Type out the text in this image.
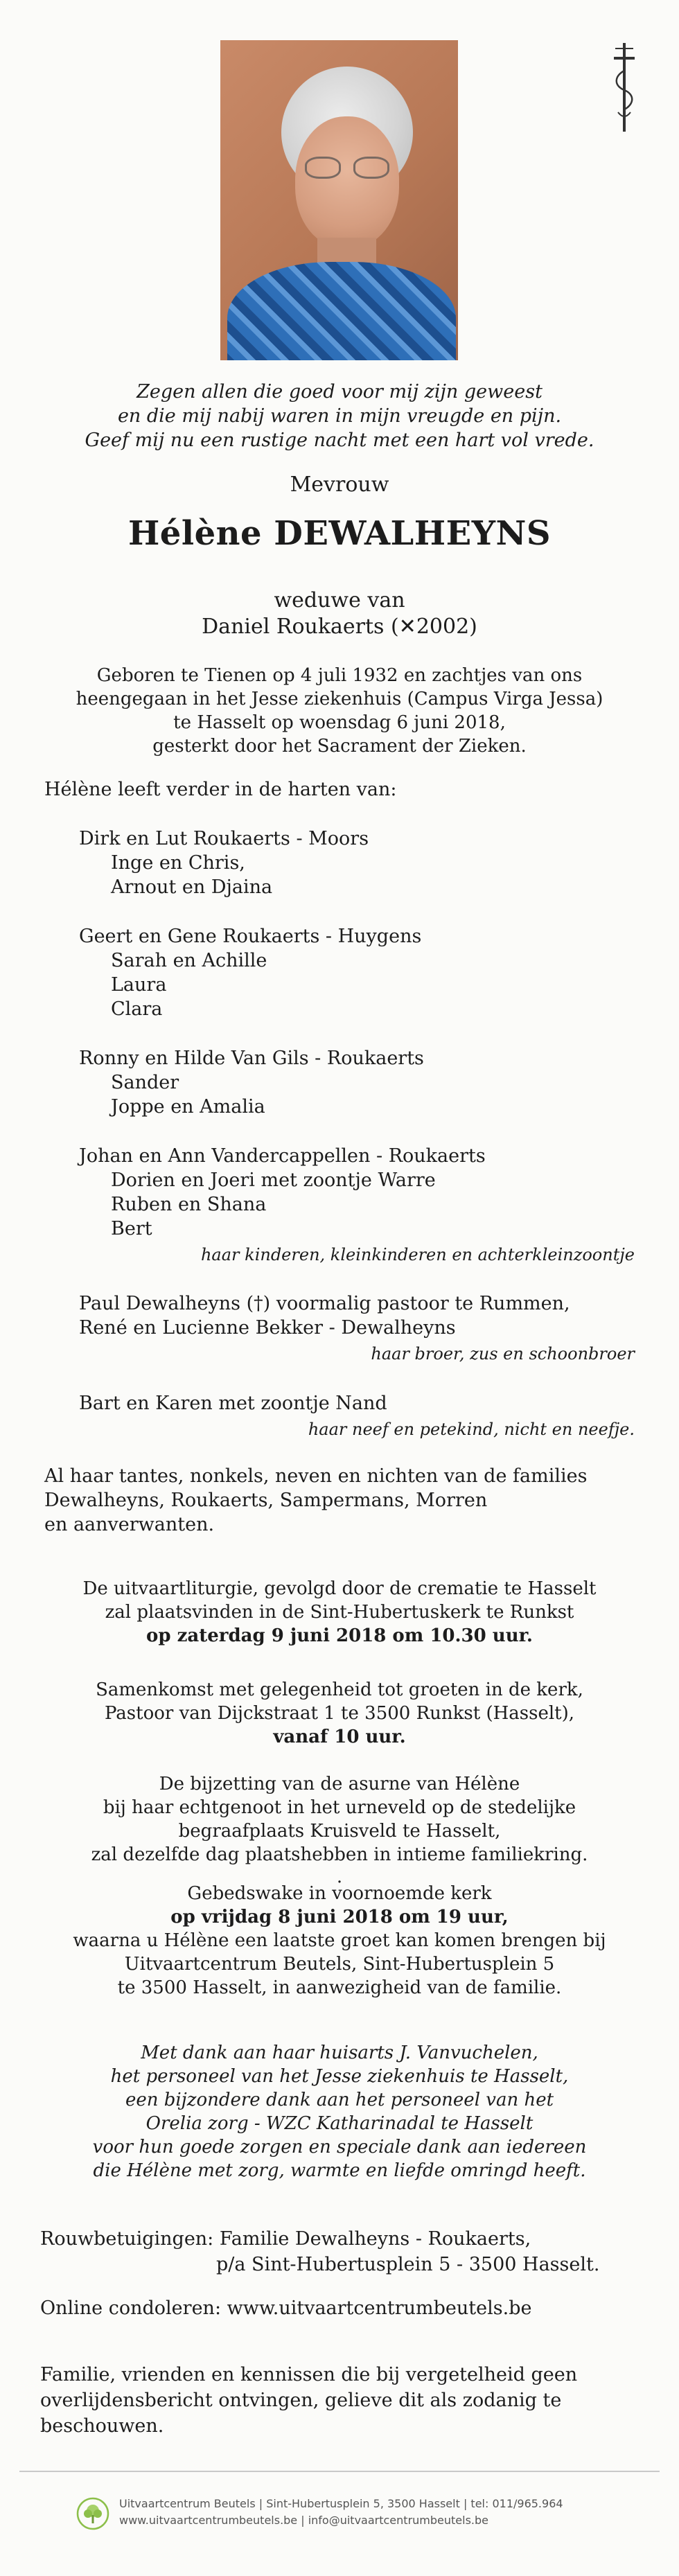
Zegen allen die goed voor mij zijn geweest
en die mij nabij waren in mijn vreugde en pijn.
Geef mij nu een rustige nacht met een hart vol vrede.
Mevrouw
Hélène DEWALHEYNS
weduwe van
Daniel Roukaerts (✕2002)
Geboren te Tienen op 4 juli 1932 en zachtjes van ons
heengegaan in het Jesse ziekenhuis (Campus Virga Jessa)
te Hasselt op woensdag 6 juni 2018,
gesterkt door het Sacrament der Zieken.
Hélène leeft verder in de harten van:
Dirk en Lut Roukaerts - Moors
Inge en Chris,
Arnout en Djaina
Geert en Gene Roukaerts - Huygens
Sarah en Achille
Laura
Clara
Ronny en Hilde Van Gils - Roukaerts
Sander
Joppe en Amalia
Johan en Ann Vandercappellen - Roukaerts
Dorien en Joeri met zoontje Warre
Ruben en Shana
Bert
haar kinderen, kleinkinderen en achterkleinzoontje
Paul Dewalheyns (†) voormalig pastoor te Rummen,
René en Lucienne Bekker - Dewalheyns
haar broer, zus en schoonbroer
Bart en Karen met zoontje Nand
haar neef en petekind, nicht en neefje.
Al haar tantes, nonkels, neven en nichten van de families
Dewalheyns, Roukaerts, Sampermans, Morren
en aanverwanten.
De uitvaartliturgie, gevolgd door de crematie te Hasselt
zal plaatsvinden in de Sint-Hubertuskerk te Runkst
op zaterdag 9 juni 2018 om 10.30 uur.
Samenkomst met gelegenheid tot groeten in de kerk,
Pastoor van Dijckstraat 1 te 3500 Runkst (Hasselt),
vanaf 10 uur.
De bijzetting van de asurne van Hélène
bij haar echtgenoot in het urneveld op de stedelijke
begraafplaats Kruisveld te Hasselt,
zal dezelfde dag plaatshebben in intieme familiekring.
.
Gebedswake in voornoemde kerk
op vrijdag 8 juni 2018 om 19 uur,
waarna u Hélène een laatste groet kan komen brengen bij
Uitvaartcentrum Beutels, Sint-Hubertusplein 5
te 3500 Hasselt, in aanwezigheid van de familie.
Met dank aan haar huisarts J. Vanvuchelen,
het personeel van het Jesse ziekenhuis te Hasselt,
een bijzondere dank aan het personeel van het
Orelia zorg - WZC Katharinadal te Hasselt
voor hun goede zorgen en speciale dank aan iedereen
die Hélène met zorg, warmte en liefde omringd heeft.
Rouwbetuigingen: Familie Dewalheyns - Roukaerts,
p/a Sint-Hubertusplein 5 - 3500 Hasselt.
Online condoleren: www.uitvaartcentrumbeutels.be
Familie, vrienden en kennissen die bij vergetelheid geen
overlijdensbericht ontvingen, gelieve dit als zodanig te
beschouwen.
Uitvaartcentrum Beutels | Sint-Hubertusplein 5, 3500 Hasselt | tel: 011/965.964
www.uitvaartcentrumbeutels.be | info@uitvaartcentrumbeutels.be
